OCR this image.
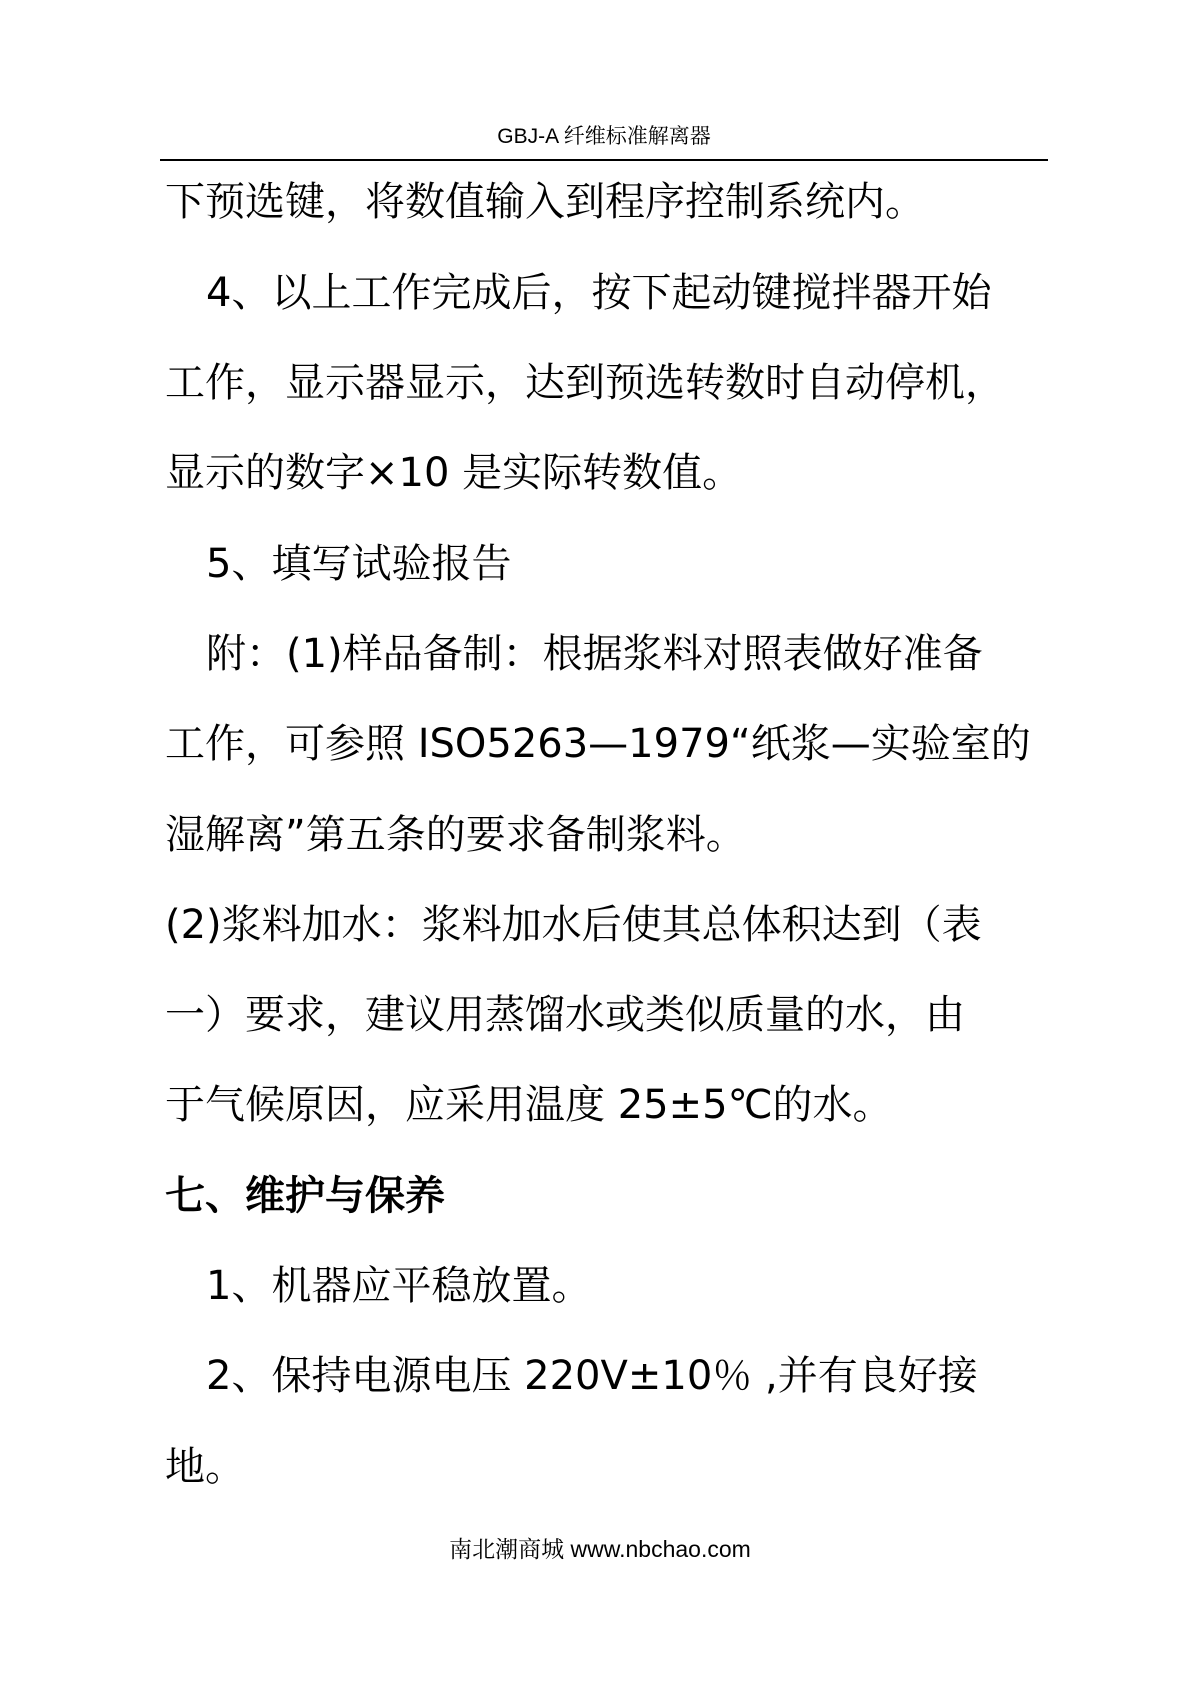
GBJ-A 纤维标准解离器
下预选键，将数值输入到程序控制系统内。
4、以上工作完成后，按下起动键搅拌器开始
工作，显示器显示，达到预选转数时自动停机，
显示的数字×10 是实际转数值。
5、填写试验报告
附：(1)样品备制：根据浆料对照表做好准备
工作，可参照 ISO5263—1979“纸浆—实验室的
湿解离”第五条的要求备制浆料。
(2)浆料加水：浆料加水后使其总体积达到（表
一）要求，建议用蒸馏水或类似质量的水，由
于气候原因，应采用温度 25±5℃的水。
七、维护与保养
1、机器应平稳放置。
2、保持电源电压 220V±10％ ,并有良好接
地。
南北潮商城 www.nbchao.com
